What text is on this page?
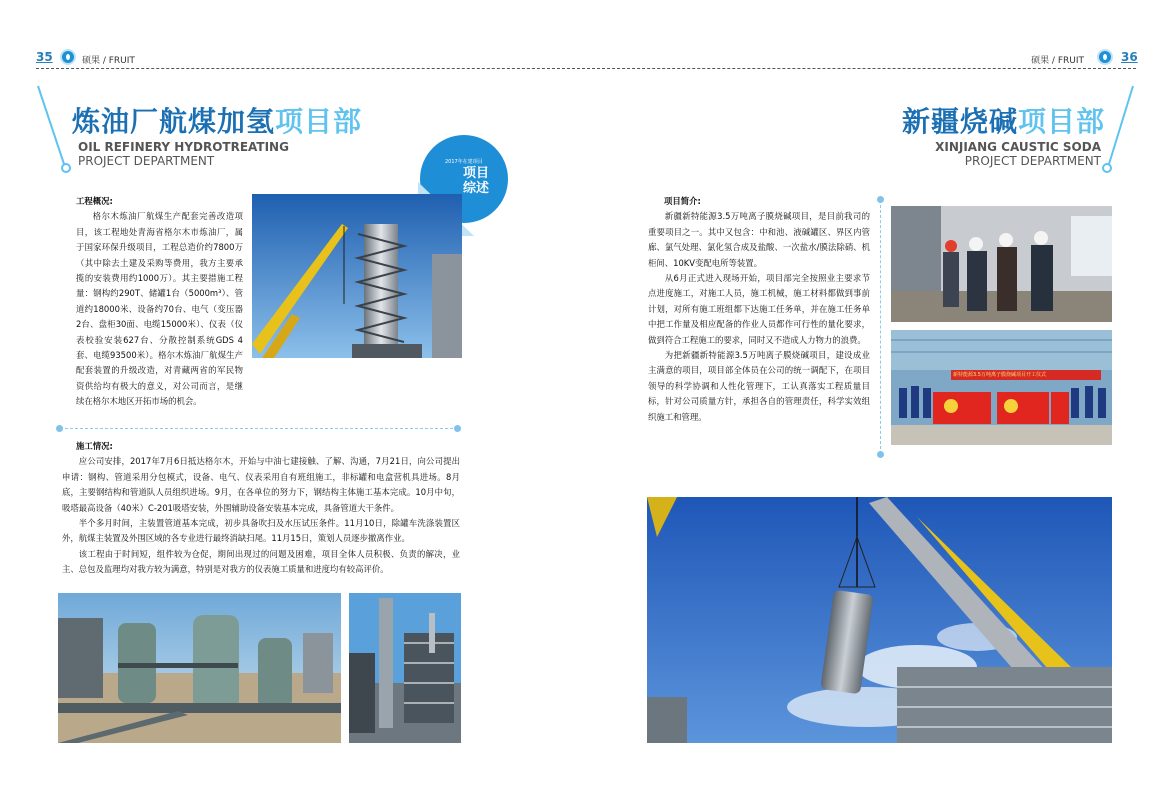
35	硕果 / FRUIT	硕果 / FRUIT	36
炼油厂航煤加氢项目部
OIL REFINERY HYDROTREATING
PROJECT DEPARTMENT	2017年在建项目
项目
综述

工程概况:

格尔木炼油厂航煤生产配套完善改造项目，该工程地处青海省格尔木市炼油厂，属于国家环保升级项目，工程总造价约7800万（其中除去土建及采购等费用，我方主要承揽的安装费用约1000万）。其主要措施工程量：钢构约290T、储罐1台（5000m³）、管道约18000米、设备约70台、电气（变压器2台、盘柜30面、电缆15000米）、仪表（仪表校验安装627台、分散控制系统GDS 4套、电缆93500米）。格尔木炼油厂航煤生产配套装置的升级改造，对青藏两省的军民物资供给均有极大的意义，对公司而言，是继续在格尔木地区开拓市场的机会。

施工情况:

应公司安排，2017年7月6日抵达格尔木，开始与中油七建接触、了解、沟通，7月21日，向公司提出申请：钢构、管道采用分包模式，设备、电气、仪表采用自有班组施工，非标罐和电盒营机具进场。8月底，主要钢结构和管道队人员组织进场。9月，在各单位的努力下，钢结构主体施工基本完成。10月中旬，吸塔最高设备（40米）C-201吸塔安装，外围辅助设备安装基本完成，具备管道大干条件。

半个多月时间，主装置管道基本完成，初步具备吹扫及水压试压条件。11月10日，除罐车洗涤装置区外，航煤主装置及外围区域的各专业进行最终消缺扫尾。11月15日，策划人员逐步撤离作业。

该工程由于时间短，组件较为仓促，期间出现过的问题及困难，项目全体人员积极、负责的解决，业主、总包及监理均对我方较为满意，特别是对我方的仪表施工质量和进度均有较高评价。

新疆烧碱项目部
XINJIANG CAUSTIC SODA
PROJECT DEPARTMENT

项目简介:

新疆新特能源3.5万吨离子膜烧碱项目，是目前我司的重要项目之一。其中又包含：中和池、液碱罐区、界区内管廊、氯气处理、氯化氢合成及盐酸、一次盐水/膜法除硝、机柜间、10KV变配电所等装置。

从6月正式进入现场开始，项目部完全按照业主要求节点进度施工，对施工人员，施工机械，施工材料都做到事前计划，对所有施工班组都下达施工任务单，并在施工任务单中把工作量及相应配备的作业人员都作可行性的量化要求，做到符合工程施工的要求，同时又不造成人力物力的浪费。

为把新疆新特能源3.5万吨离子膜烧碱项目，建设成业主满意的项目，项目部全体员在公司的统一调配下，在项目领导的科学协调和人性化管理下，工认真落实工程质量目标，针对公司质量方针，承担各自的管理责任，科学实效组织施工和管理。

新特能源3.5万吨离子膜烧碱项目开工仪式
